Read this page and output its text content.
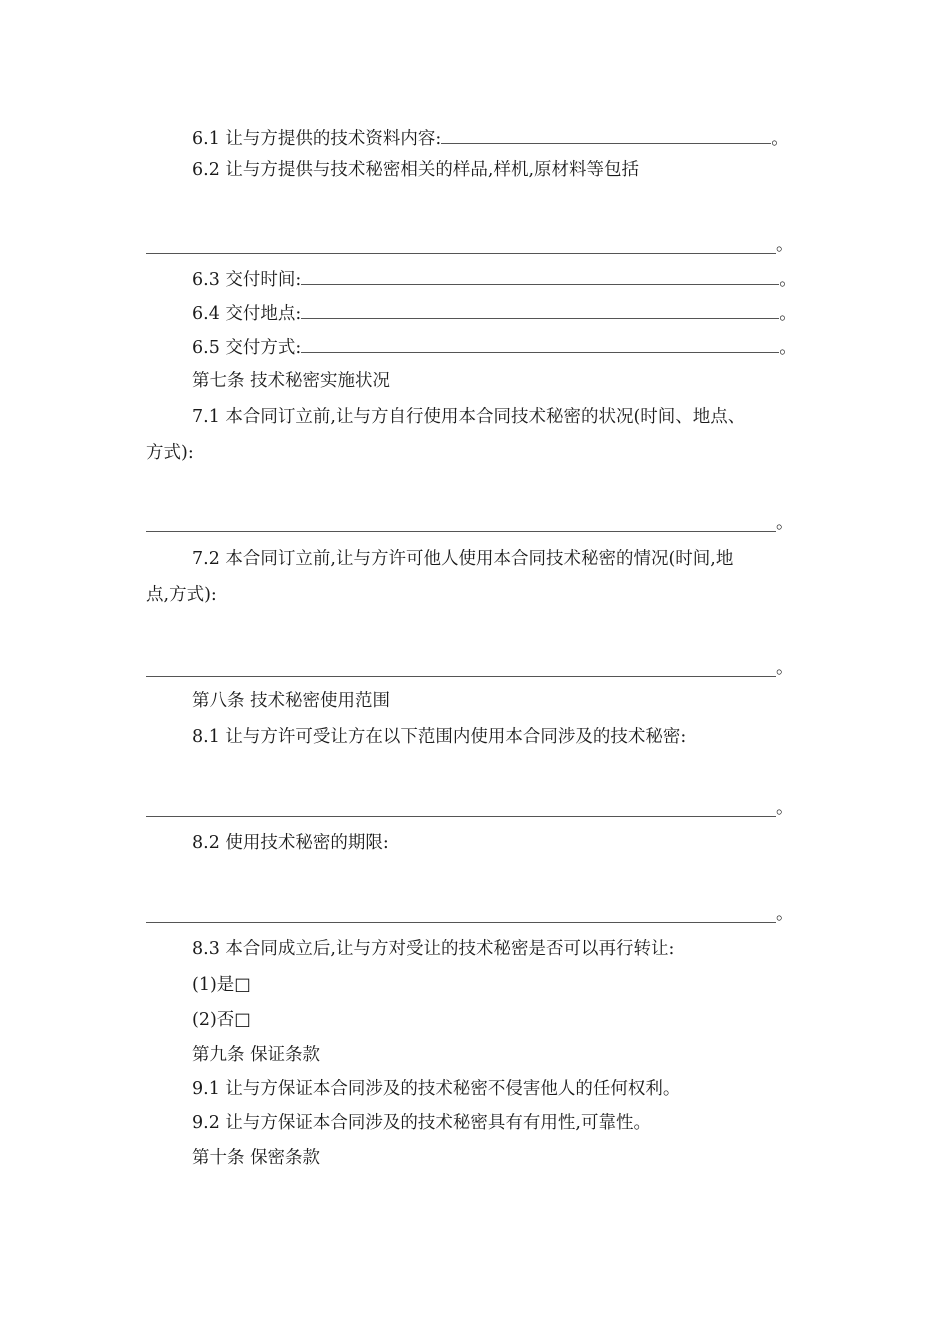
6.1 让与方提供的技术资料内容:	。
6.2 让与方提供与技术秘密相关的样品,样机,原材料等包括
。
6.3 交付时间:	。
6.4 交付地点:	。
6.5 交付方式:	。
第七条 技术秘密实施状况
7.1 本合同订立前,让与方自行使用本合同技术秘密的状况(时间、地点、
方式):
。
7.2 本合同订立前,让与方许可他人使用本合同技术秘密的情况(时间,地
点,方式):
。
第八条 技术秘密使用范围
8.1 让与方许可受让方在以下范围内使用本合同涉及的技术秘密:
。
8.2 使用技术秘密的期限:
。
8.3 本合同成立后,让与方对受让的技术秘密是否可以再行转让:
(1)是□
(2)否□
第九条 保证条款
9.1 让与方保证本合同涉及的技术秘密不侵害他人的任何权利。
9.2 让与方保证本合同涉及的技术秘密具有有用性,可靠性。
第十条 保密条款
